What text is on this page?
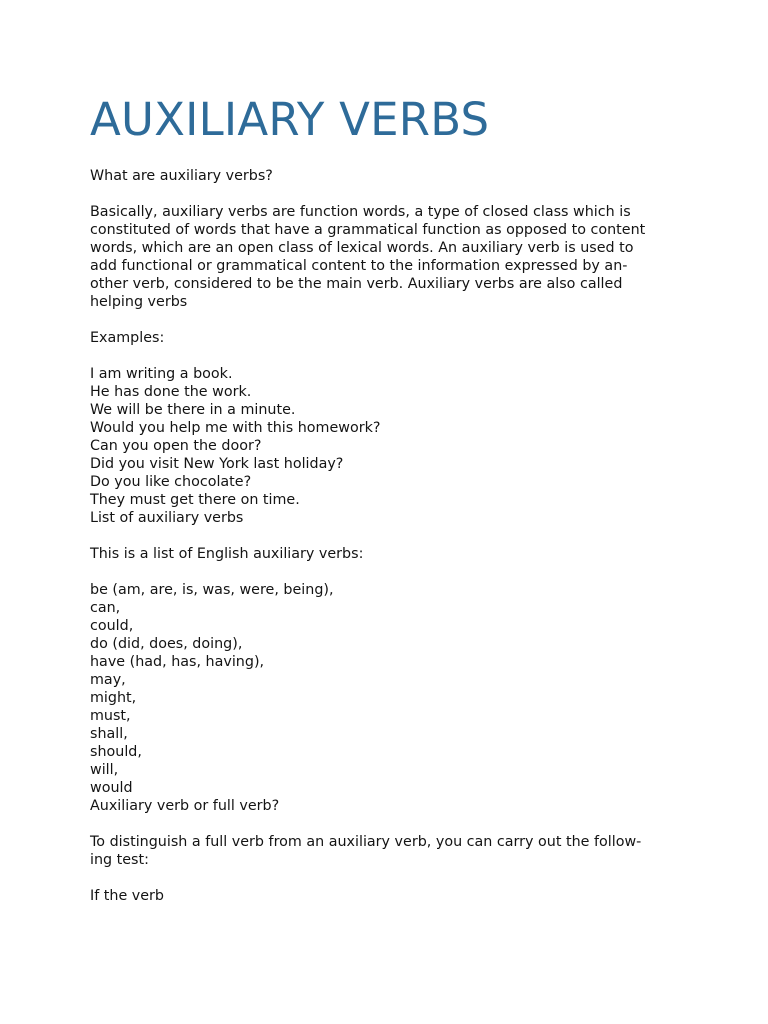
AUXILIARY VERBS

What are auxiliary verbs?

Basically, auxiliary verbs are function words, a type of closed class which is

constituted of words that have a grammatical function as opposed to content

words, which are an open class of lexical words. An auxiliary verb is used to

add functional or grammatical content to the information expressed by an-

other verb, considered to be the main verb. Auxiliary verbs are also called

helping verbs

Examples:

I am writing a book.

He has done the work.

We will be there in a minute.

Would you help me with this homework?

Can you open the door?

Did you visit New York last holiday?

Do you like chocolate?

They must get there on time.

List of auxiliary verbs

This is a list of English auxiliary verbs:

be (am, are, is, was, were, being),

can,

could,

do (did, does, doing),

have (had, has, having),

may,

might,

must,

shall,

should,

will,

would

Auxiliary verb or full verb?

To distinguish a full verb from an auxiliary verb, you can carry out the follow-

ing test:

If the verb
